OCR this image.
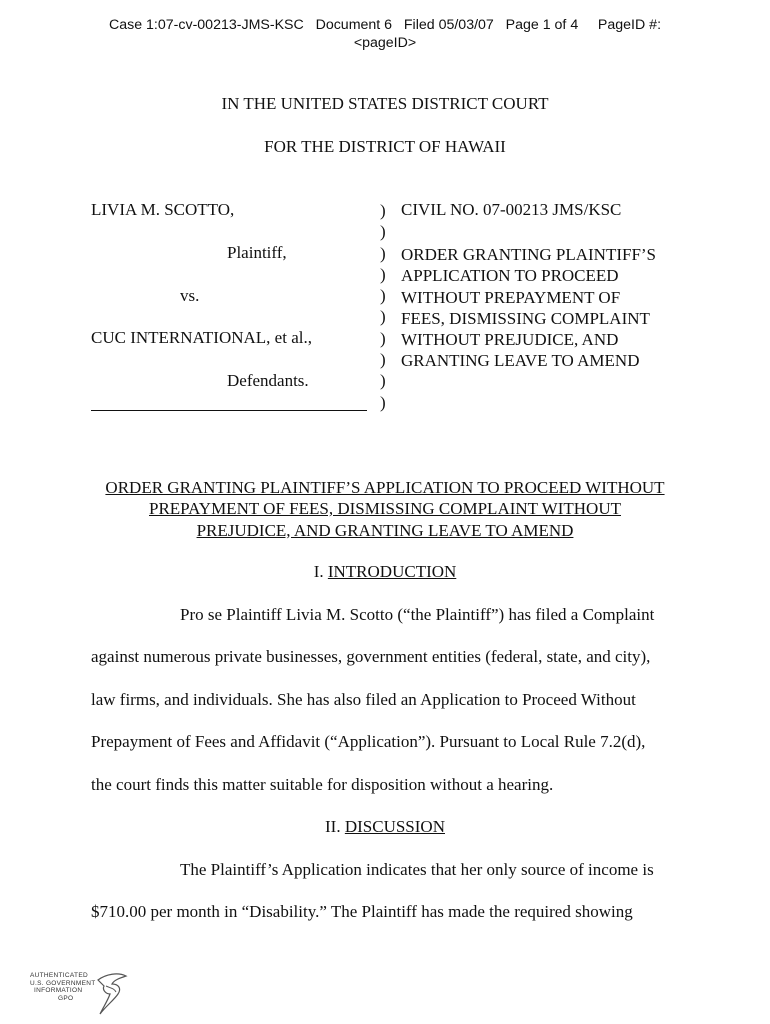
Case 1:07-cv-00213-JMS-KSC   Document 6   Filed 05/03/07   Page 1 of 4     PageID #:
<pageID>
IN THE UNITED STATES DISTRICT COURT
FOR THE DISTRICT OF HAWAII
LIVIA M. SCOTTO,
Plaintiff,
vs.
CUC INTERNATIONAL, et al.,
Defendants.
)
)
)
)
)
)
)
)
)
)
CIVIL NO. 07-00213 JMS/KSC
ORDER GRANTING PLAINTIFF’S
APPLICATION TO PROCEED
WITHOUT PREPAYMENT OF
FEES, DISMISSING COMPLAINT
WITHOUT PREJUDICE, AND
GRANTING LEAVE TO AMEND
ORDER GRANTING PLAINTIFF’S APPLICATION TO PROCEED WITHOUT
PREPAYMENT OF FEES, DISMISSING COMPLAINT WITHOUT
PREJUDICE, AND GRANTING LEAVE TO AMEND
I. INTRODUCTION
Pro se Plaintiff Livia M. Scotto (“the Plaintiff”) has filed a Complaint
against numerous private businesses, government entities (federal, state, and city),
law firms, and individuals. She has also filed an Application to Proceed Without
Prepayment of Fees and Affidavit (“Application”). Pursuant to Local Rule 7.2(d),
the court finds this matter suitable for disposition without a hearing.
II. DISCUSSION
The Plaintiff’s Application indicates that her only source of income is
$710.00 per month in “Disability.” The Plaintiff has made the required showing
AUTHENTICATED
U.S. GOVERNMENT
INFORMATION
GPO
